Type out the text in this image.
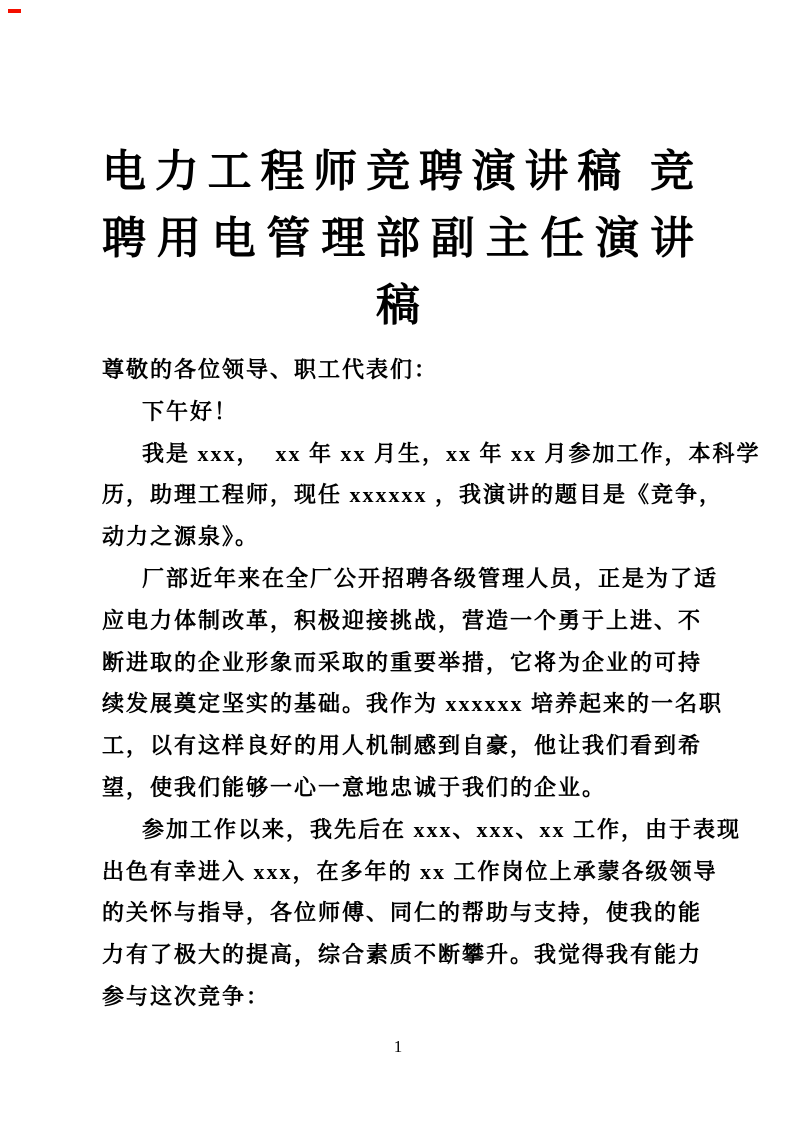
电力工程师竞聘演讲稿 竞
聘用电管理部副主任演讲
稿
尊敬的各位领导、职工代表们：
下午好！
我是 xxx，  xx 年 xx 月生，xx 年 xx 月参加工作，本科学
历，助理工程师，现任 xxxxxx ，我演讲的题目是《竞争，
动力之源泉》。
厂部近年来在全厂公开招聘各级管理人员，正是为了适
应电力体制改革，积极迎接挑战，营造一个勇于上进、不
断进取的企业形象而采取的重要举措，它将为企业的可持
续发展奠定坚实的基础。我作为 xxxxxx 培养起来的一名职
工，以有这样良好的用人机制感到自豪，他让我们看到希
望，使我们能够一心一意地忠诚于我们的企业。
参加工作以来，我先后在 xxx、xxx、xx 工作，由于表现
出色有幸进入 xxx，在多年的 xx 工作岗位上承蒙各级领导
的关怀与指导，各位师傅、同仁的帮助与支持，使我的能
力有了极大的提高，综合素质不断攀升。我觉得我有能力
参与这次竞争：
1
